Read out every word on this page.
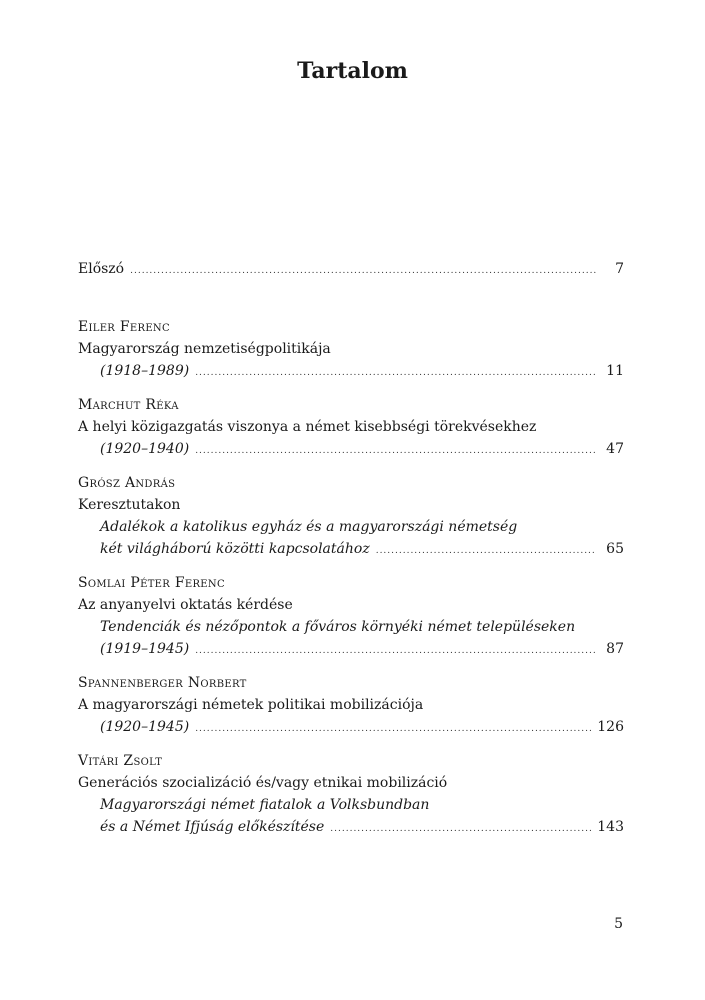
Tartalom
Előszó .....	7
Eiler Ferenc
Magyarország nemzetiségpolitikája
(1918–1989) .....	11
Marchut Réka
A helyi közigazgatás viszonya a német kisebbségi törekvésekhez
(1920–1940) .....	47
Grósz András
Keresztutakon
Adalékok a katolikus egyház és a magyarországi németség
két világháború közötti kapcsolatához .....	65
Somlai Péter Ferenc
Az anyanyelvi oktatás kérdése
Tendenciák és nézőpontok a főváros környéki német településeken
(1919–1945) .....	87
Spannenberger Norbert
A magyarországi németek politikai mobilizációja
(1920–1945) .....	126
Vitári Zsolt
Generációs szocializáció és/vagy etnikai mobilizáció
Magyarországi német fiatalok a Volksbundban
és a Német Ifjúság előkészítése .....	143
5
